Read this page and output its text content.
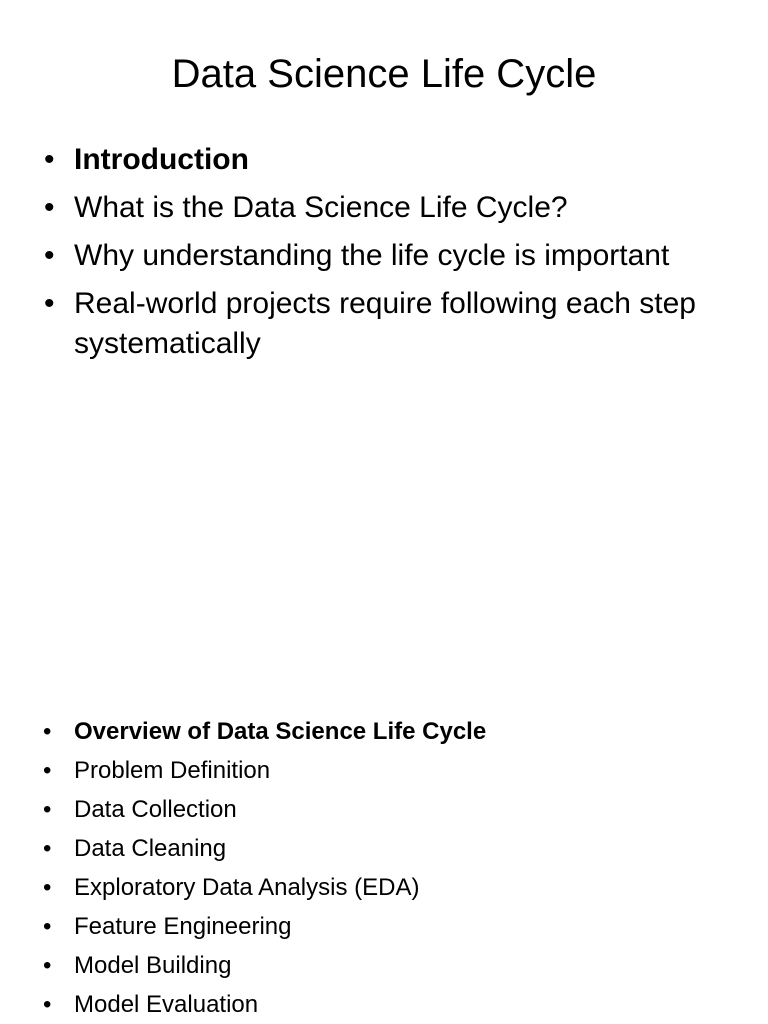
Data Science Life Cycle
• Introduction
• What is the Data Science Life Cycle?
• Why understanding the life cycle is important
• Real-world projects require following each step systematically
• Overview of Data Science Life Cycle
• Problem Definition
• Data Collection
• Data Cleaning
• Exploratory Data Analysis (EDA)
• Feature Engineering
• Model Building
• Model Evaluation
